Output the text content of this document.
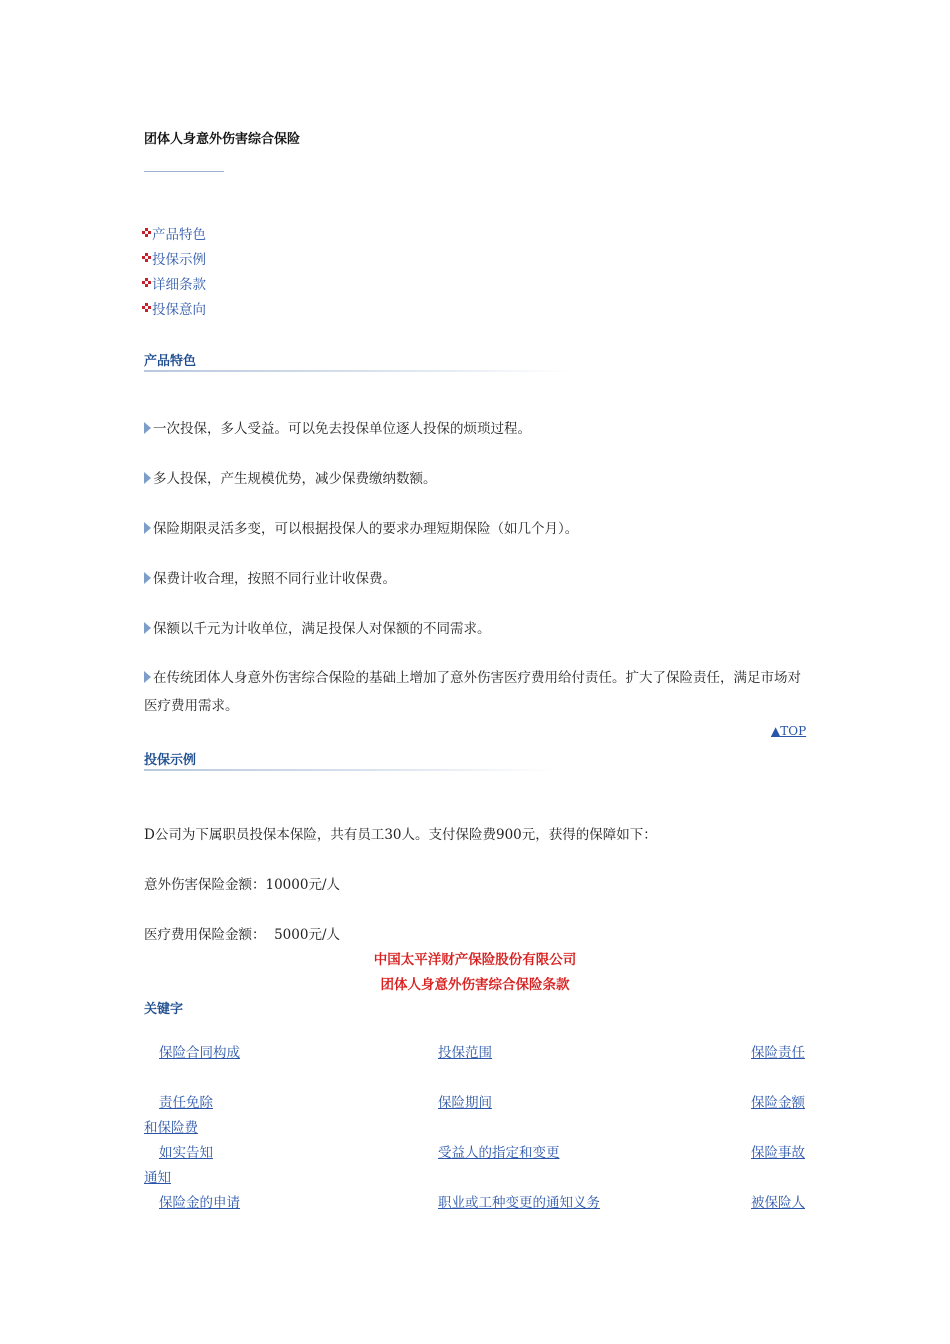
团体人身意外伤害综合保险
产品特色
投保示例
详细条款
投保意向
产品特色
一次投保，多人受益。可以免去投保单位逐人投保的烦琐过程。
多人投保，产生规模优势，减少保费缴纳数额。
保险期限灵活多变，可以根据投保人的要求办理短期保险（如几个月）。
保费计收合理，按照不同行业计收保费。
保额以千元为计收单位，满足投保人对保额的不同需求。
在传统团体人身意外伤害综合保险的基础上增加了意外伤害医疗费用给付责任。扩大了保险责任，满足市场对医疗费用需求。
▲TOP
投保示例
D公司为下属职员投保本保险，共有员工30人。支付保险费900元，获得的保障如下：
意外伤害保险金额：10000元/人
医疗费用保险金额：  5000元/人
中国太平洋财产保险股份有限公司
团体人身意外伤害综合保险条款
关键字
保险合同构成	投保范围	保险责任
责任免除	保险期间	保险金额
和保险费
如实告知	受益人的指定和变更	保险事故
通知
保险金的申请	职业或工种变更的通知义务	被保险人
